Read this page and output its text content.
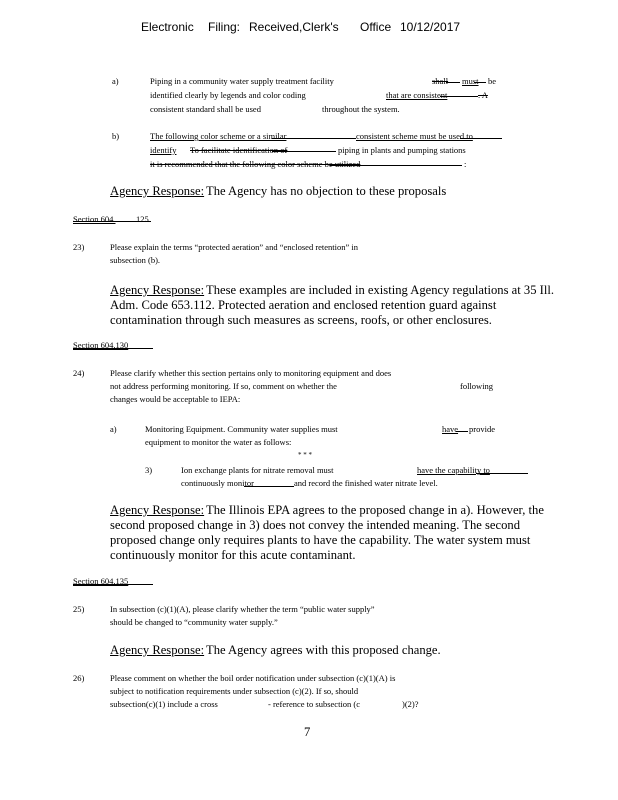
Electronic Filing: Received,Clerk's Office 10/12/2017
a)	Piping in a community water supply treatment facility	shall must be
identified clearly by legends and color coding	that are consistent	. A
consistent standard shall be used	throughout the system.
b)	The following color scheme or a similar	consistent scheme must be used to
identify To facilitate identification of	piping in plants and pumping stations
it is recommended that the following color scheme be utilized	:
Agency Response: The Agency has no objection to these proposals
Section 604. 125
23)	Please explain the terms “protected aeration” and “enclosed retention” in
subsection (b).
Agency Response: These examples are included in existing Agency regulations at 35 Ill.
Adm. Code 653.112. Protected aeration and enclosed retention guard against
contamination through such measures as screens, roofs, or other enclosures.
Section 604.130
24)	Please clarify whether this section pertains only to monitoring equipment and does
not address performing monitoring. If so, comment on whether the	following
changes would be acceptable to IEPA:
a)	Monitoring Equipment. Community water supplies must	have provide
equipment to monitor the water as follows:
* * *
3)	Ion exchange plants for nitrate removal must	have the capability to
continuously monitor	and record the finished water nitrate level.
Agency Response: The Illinois EPA agrees to the proposed change in a). However, the
second proposed change in 3) does not convey the intended meaning. The second
proposed change only requires plants to have the capability. The water system must
continuously monitor for this acute contaminant.
Section 604.135
25)	In subsection (c)(1)(A), please clarify whether the term “public water supply”
should be changed to “community water supply.”
Agency Response: The Agency agrees with this proposed change.
26)	Please comment on whether the boil order notification under subsection (c)(1)(A) is
subject to notification requirements under subsection (c)(2). If so, should
subsection(c)(1) include a cross	- reference to subsection (c	)(2)?
7
